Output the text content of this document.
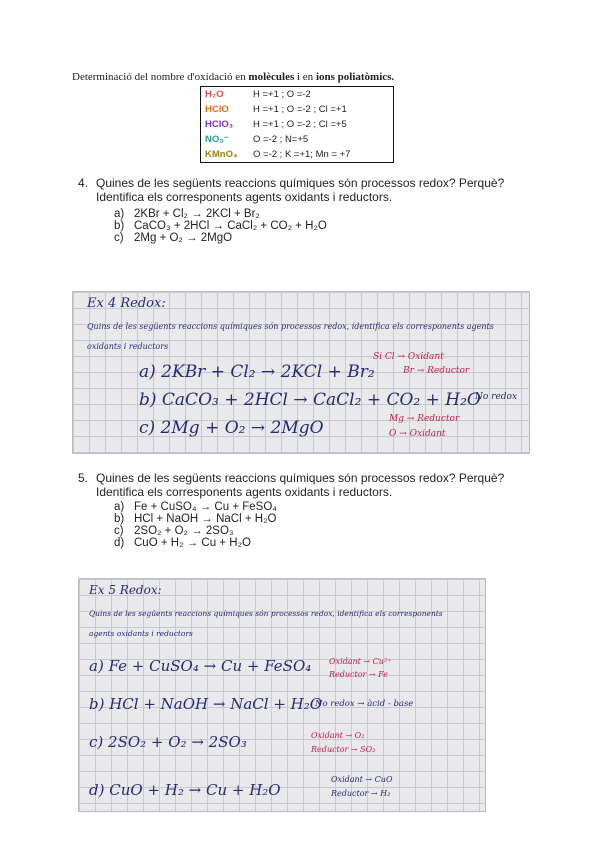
Determinació del nombre d'oxidació en molècules i en ions poliatòmics.
H₂O	H =+1 ; O =-2
HClO	H =+1 ; O =-2 ; Cl =+1
HClO₃	H =+1 ; O =-2 ; Cl =+5
NO₃⁻	O =-2 ; N=+5
KMnO₄	O =-2 ; K =+1; Mn = +7
4. Quines de les següents reaccions químiques són processos redox? Perquè?
Identifica els corresponents agents oxidants i reductors.
a) 2KBr + Cl₂ → 2KCl + Br₂
b) CaCO₃ + 2HCl → CaCl₂ + CO₂ + H₂O
c) 2Mg + O₂ → 2MgO
Ex 4 Redox:
Quins de les següents reaccions químiques són processos redox, identifica els corresponents agents
oxidants i reductors
a) 2KBr + Cl₂ → 2KCl + Br₂
Si Cl → Oxidant
Br → Reductor
b) CaCO₃ + 2HCl → CaCl₂ + CO₂ + H₂O
No redox
c) 2Mg + O₂ → 2MgO	Mg → Reductor
O → Oxidant
5. Quines de les següents reaccions químiques són processos redox? Perquè?
Identifica els corresponents agents oxidants i reductors.
a) Fe + CuSO₄ → Cu + FeSO₄
b) HCl + NaOH → NaCl + H₂O
c) 2SO₂ + O₂ → 2SO₃
d) CuO + H₂ → Cu + H₂O
Ex 5 Redox:
Quins de les següents reaccions químiques són processos redox, identifica els corresponents
agents oxidants i reductors
a) Fe + CuSO₄ → Cu + FeSO₄ Oxidant → Cu²⁺
Reductor → Fe
b) HCl + NaOH → NaCl + H₂O
No redox → àcid - base
c) 2SO₂ + O₂ → 2SO₃	Oxidant → O₂
Reductor → SO₂
d) CuO + H₂ → Cu + H₂O
Oxidant → CuO
Reductor → H₂
